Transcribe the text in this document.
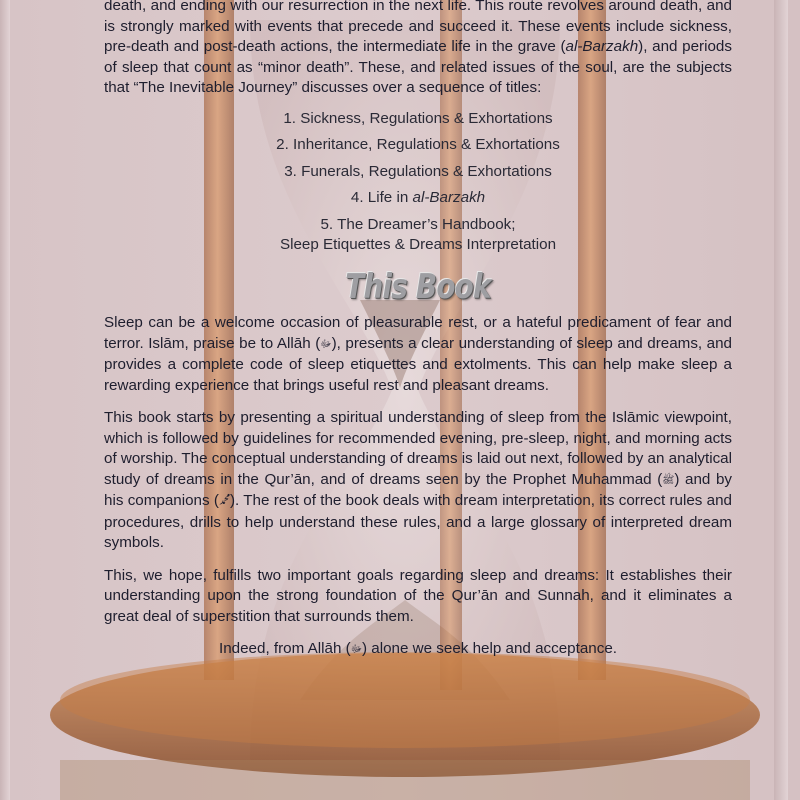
death, and ending with our resurrection in the next life. This route revolves around death, and is strongly marked with events that precede and succeed it. These events include sickness, pre-death and post-death actions, the intermediate life in the grave (al-Barzakh), and periods of sleep that count as “minor death”. These, and related issues of the soul, are the subjects that “The Inevitable Journey” discusses over a sequence of titles:

1. Sickness, Regulations & Exhortations
2. Inheritance, Regulations & Exhortations
3. Funerals, Regulations & Exhortations
4. Life in al-Barzakh
5. The Dreamer’s Handbook;
Sleep Etiquettes & Dreams Interpretation
This Book

Sleep can be a welcome occasion of pleasurable rest, or a hateful predicament of fear and terror. Islām, praise be to Allāh (ﷻ), presents a clear understanding of sleep and dreams, and provides a complete code of sleep etiquettes and extolments. This can help make sleep a rewarding experience that brings useful rest and pleasant dreams.

This book starts by presenting a spiritual understanding of sleep from the Islāmic viewpoint, which is followed by guidelines for recommended evening, pre-sleep, night, and morning acts of worship. The conceptual understanding of dreams is laid out next, followed by an analytical study of dreams in the Qur’ān, and of dreams seen by the Prophet Muhammad (ﷺ) and by his companions (ﷴ). The rest of the book deals with dream interpretation, its correct rules and procedures, drills to help understand these rules, and a large glossary of interpreted dream symbols.

This, we hope, fulfills two important goals regarding sleep and dreams: It establishes their understanding upon the strong foundation of the Qur’ān and Sunnah, and it eliminates a great deal of superstition that surrounds them.

Indeed, from Allāh (ﷻ) alone we seek help and acceptance.
